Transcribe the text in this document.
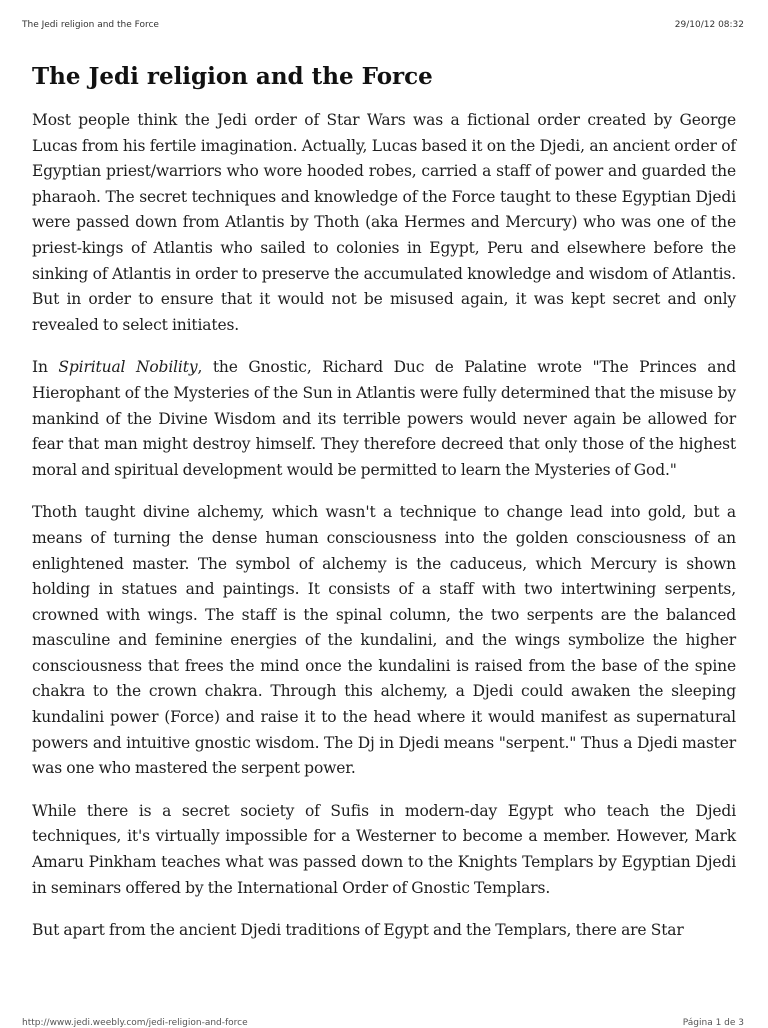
The Jedi religion and the Force	29/10/12 08:32
The Jedi religion and the Force

Most people think the Jedi order of Star Wars was a fictional order created by George Lucas from his fertile imagination. Actually, Lucas based it on the Djedi, an ancient order of Egyptian priest/warriors who wore hooded robes, carried a staff of power and guarded the pharaoh. The secret techniques and knowledge of the Force taught to these Egyptian Djedi were passed down from Atlantis by Thoth (aka Hermes and Mercury) who was one of the priest-kings of Atlantis who sailed to colonies in Egypt, Peru and elsewhere before the sinking of Atlantis in order to preserve the accumulated knowledge and wisdom of Atlantis. But in order to ensure that it would not be misused again, it was kept secret and only revealed to select initiates.

In Spiritual Nobility, the Gnostic, Richard Duc de Palatine wrote "The Princes and Hierophant of the Mysteries of the Sun in Atlantis were fully determined that the misuse by mankind of the Divine Wisdom and its terrible powers would never again be allowed for fear that man might destroy himself. They therefore decreed that only those of the highest moral and spiritual development would be permitted to learn the Mysteries of God."

Thoth taught divine alchemy, which wasn't a technique to change lead into gold, but a means of turning the dense human consciousness into the golden consciousness of an enlightened master. The symbol of alchemy is the caduceus, which Mercury is shown holding in statues and paintings. It consists of a staff with two intertwining serpents, crowned with wings. The staff is the spinal column, the two serpents are the balanced masculine and feminine energies of the kundalini, and the wings symbolize the higher consciousness that frees the mind once the kundalini is raised from the base of the spine chakra to the crown chakra. Through this alchemy, a Djedi could awaken the sleeping kundalini power (Force) and raise it to the head where it would manifest as supernatural powers and intuitive gnostic wisdom. The Dj in Djedi means "serpent." Thus a Djedi master was one who mastered the serpent power.

While there is a secret society of Sufis in modern-day Egypt who teach the Djedi techniques, it's virtually impossible for a Westerner to become a member. However, Mark Amaru Pinkham teaches what was passed down to the Knights Templars by Egyptian Djedi in seminars offered by the International Order of Gnostic Templars.

But apart from the ancient Djedi traditions of Egypt and the Templars, there are Star

http://www.jedi.weebly.com/jedi-religion-and-force	Página 1 de 3
